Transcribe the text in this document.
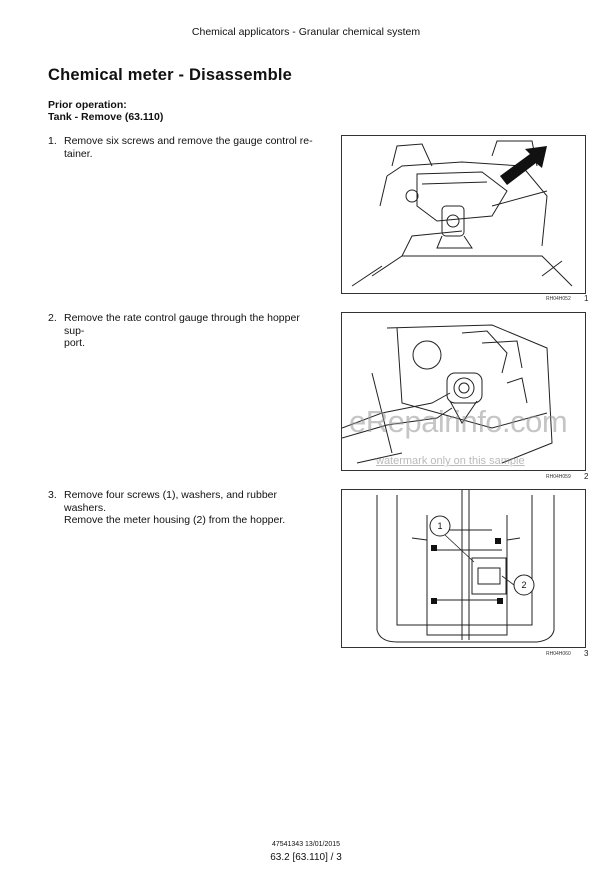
Chemical applicators - Granular chemical system
Chemical meter - Disassemble
Prior operation:
Tank - Remove (63.110)
1. Remove six screws and remove the gauge control re-
tainer.
RH04H052 1
2. Remove the rate control gauge through the hopper sup-
port.
RH04H059 2
3. Remove four screws (1), washers, and rubber washers.
Remove the meter housing (2) from the hopper.	1
2
RH04H060 3
eRepairinfo.com
watermark only on this sample
47541343 13/01/2015
63.2 [63.110] / 3
